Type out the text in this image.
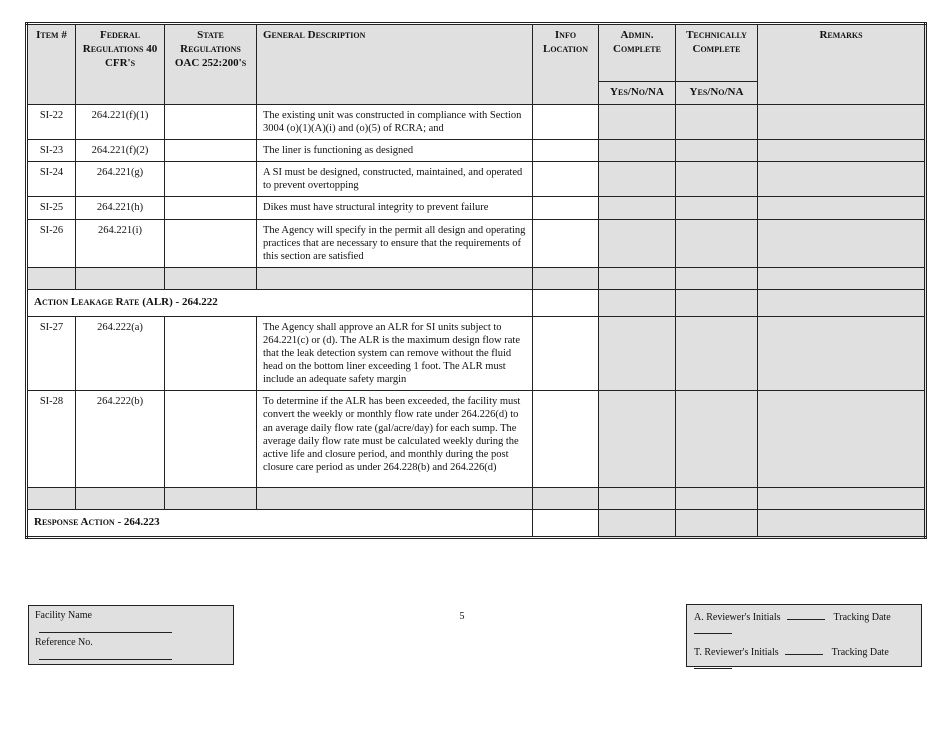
Item #	Federal Regulations 40 CFR's	State Regulations OAC 252:200's	General Description	Info Location	Admin. Complete	Technically Complete	Remarks
					Yes/No/NA	Yes/No/NA	
SI-22	264.221(f)(1)		The existing unit was constructed in compliance with Section 3004 (o)(1)(A)(i) and (o)(5) of RCRA; and				
SI-23	264.221(f)(2)		The liner is functioning as designed				
SI-24	264.221(g)		A SI must be designed, constructed, maintained, and operated to prevent overtopping				
SI-25	264.221(h)		Dikes must have structural integrity to prevent failure				
SI-26	264.221(i)		The Agency will specify in the permit all design and operating practices that are necessary to ensure that the requirements of this section are satisfied				

Action Leakage Rate (ALR) - 264.222							
SI-27	264.222(a)		The Agency shall approve an ALR for SI units subject to 264.221(c) or (d). The ALR is the maximum design flow rate that the leak detection system can remove without the fluid head on the bottom liner exceeding 1 foot. The ALR must include an adequate safety margin				
SI-28	264.222(b)		To determine if the ALR has been exceeded, the facility must convert the weekly or monthly flow rate under 264.226(d) to an average daily flow rate (gal/acre/day) for each sump. The average daily flow rate must be calculated weekly during the active life and closure period, and monthly during the post closure care period as under 264.228(b) and 264.226(d)				

Response Action - 264.223							
Facility Name
Reference No.
5	A. Reviewer's Initials	Tracking Date

T. Reviewer's Initials	Tracking Date
